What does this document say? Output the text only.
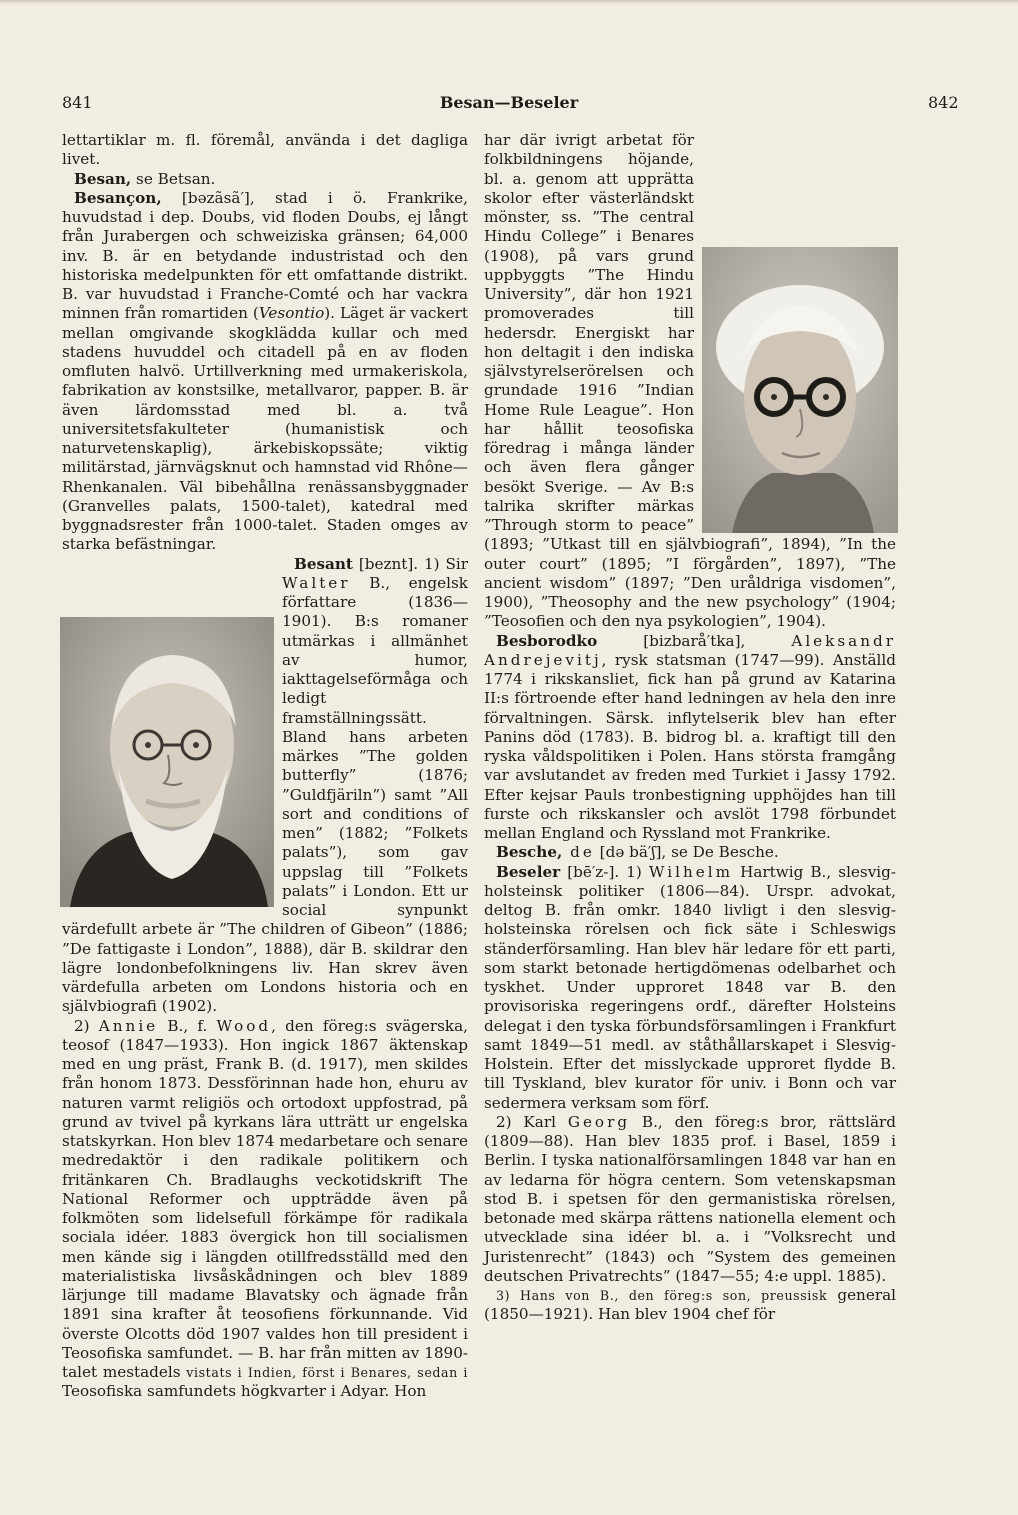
841	Besan—Beseler	842

lettartiklar m. fl. föremål, använda i det dagliga livet.

Besan, se Betsan.

Besançon, [bəzãsã′], stad i ö. Frankrike, huvudstad i dep. Doubs, vid floden Doubs, ej långt från Jurabergen och schweiziska gränsen; 64,000 inv. B. är en betydande industristad och den historiska medelpunkten för ett omfattande distrikt. B. var huvudstad i Franche-Comté och har vackra minnen från romartiden (Vesontio). Läget är vackert mellan omgivande skogklädda kullar och med stadens huvuddel och citadell på en av floden omfluten halvö. Urtillverkning med urmakeriskola, fabrikation av konstsilke, metallvaror, papper. B. är även lärdomsstad med bl. a. två universitetsfakulteter (humanistisk och naturvetenskaplig), ärkebiskopssäte; viktig militärstad, järnvägsknut och hamnstad vid Rhône—Rhenkanalen. Väl bibehållna renässansbyggnader (Granvelles palats, 1500-talet), katedral med byggnadsrester från 1000-talet. Staden omges av starka befästningar.

Besant [beznt]. 1) Sir Walter B., engelsk författare (1836—1901). B:s romaner utmärkas i allmänhet av humor, iakttagelseförmåga och ledigt framställningssätt. Bland hans arbeten märkes ”The golden butterfly” (1876; ”Guldfjäriln”) samt ”All sort and conditions of men” (1882; ”Folkets palats”), som gav uppslag till ”Folkets palats” i London. Ett ur social synpunkt värdefullt arbete är ”The children of Gibeon” (1886; ”De fattigaste i London”, 1888), där B. skildrar den lägre londonbefolkningens liv. Han skrev även värdefulla arbeten om Londons historia och en självbiografi (1902).

2) Annie B., f. Wood, den föreg:s svägerska, teosof (1847—1933). Hon ingick 1867 äktenskap med en ung präst, Frank B. (d. 1917), men skildes från honom 1873. Dessförinnan hade hon, ehuru av naturen varmt religiös och ortodoxt uppfostrad, på grund av tvivel på kyrkans lära utträtt ur engelska statskyrkan. Hon blev 1874 medarbetare och senare medredaktör i den radikale politikern och fritänkaren Ch. Bradlaughs veckotidskrift The National Reformer och uppträdde även på folkmöten som lidelsefull förkämpe för radikala sociala idéer. 1883 övergick hon till socialismen men kände sig i längden otillfredsställd med den materialistiska livsåskådningen och blev 1889 lärjunge till madame Blavatsky och ägnade från 1891 sina krafter åt teosofiens förkunnande. Vid överste Olcotts död 1907 valdes hon till president i Teosofiska samfundet. — B. har från mitten av 1890-talet mestadels vistats i Indien, först i Benares, sedan i Teosofiska samfundets högkvarter i Adyar. Hon

har där ivrigt arbetat för folkbildningens höjande, bl. a. genom att upprätta skolor efter västerländskt mönster, ss. ”The central Hindu College” i Benares (1908), på vars grund uppbyggts ”The Hindu University”, där hon 1921 promoverades till hedersdr. Energiskt har hon deltagit i den indiska självstyrelserörelsen och grundade 1916 ”Indian Home Rule League”. Hon har hållit teosofiska föredrag i många länder och även flera gånger besökt Sverige. — Av B:s talrika skrifter märkas ”Through storm to peace” (1893; ”Utkast till en självbiografi”, 1894), ”In the outer court” (1895; ”I förgården”, 1897), ”The ancient wisdom” (1897; ”Den uråldriga visdomen”, 1900), ”Theosophy and the new psychology” (1904; ”Teosofien och den nya psykologien”, 1904).

Besborodko [bizbarå′tka], Aleksandr Andrejevitj, rysk statsman (1747—99). Anställd 1774 i rikskansliet, fick han på grund av Katarina II:s förtroende efter hand ledningen av hela den inre förvaltningen. Särsk. inflytelserik blev han efter Panins död (1783). B. bidrog bl. a. kraftigt till den ryska våldspolitiken i Polen. Hans största framgång var avslutandet av freden med Turkiet i Jassy 1792. Efter kejsar Pauls tronbestigning upphöjdes han till furste och rikskansler och avslöt 1798 förbundet mellan England och Ryssland mot Frankrike.

Besche, de [də bä′ʃ], se De Besche.

Beseler [bē′z-]. 1) Wilhelm Hartwig B., slesvig-holsteinsk politiker (1806—84). Urspr. advokat, deltog B. från omkr. 1840 livligt i den slesvig-holsteinska rörelsen och fick säte i Schleswigs ständerförsamling. Han blev här ledare för ett parti, som starkt betonade hertigdömenas odelbarhet och tyskhet. Under upproret 1848 var B. den provisoriska regeringens ordf., därefter Holsteins delegat i den tyska förbundsförsamlingen i Frankfurt samt 1849—51 medl. av ståthållarskapet i Slesvig-Holstein. Efter det misslyckade upproret flydde B. till Tyskland, blev kurator för univ. i Bonn och var sedermera verksam som förf.

2) Karl Georg B., den föreg:s bror, rättslärd (1809—88). Han blev 1835 prof. i Basel, 1859 i Berlin. I tyska nationalförsamlingen 1848 var han en av ledarna för högra centern. Som vetenskapsman stod B. i spetsen för den germanistiska rörelsen, betonade med skärpa rättens nationella element och utvecklade sina idéer bl. a. i ”Volksrecht und Juristenrecht” (1843) och ”System des gemeinen deutschen Privatrechts” (1847—55; 4:e uppl. 1885).

3) Hans von B., den föreg:s son, preussisk general (1850—1921). Han blev 1904 chef för
